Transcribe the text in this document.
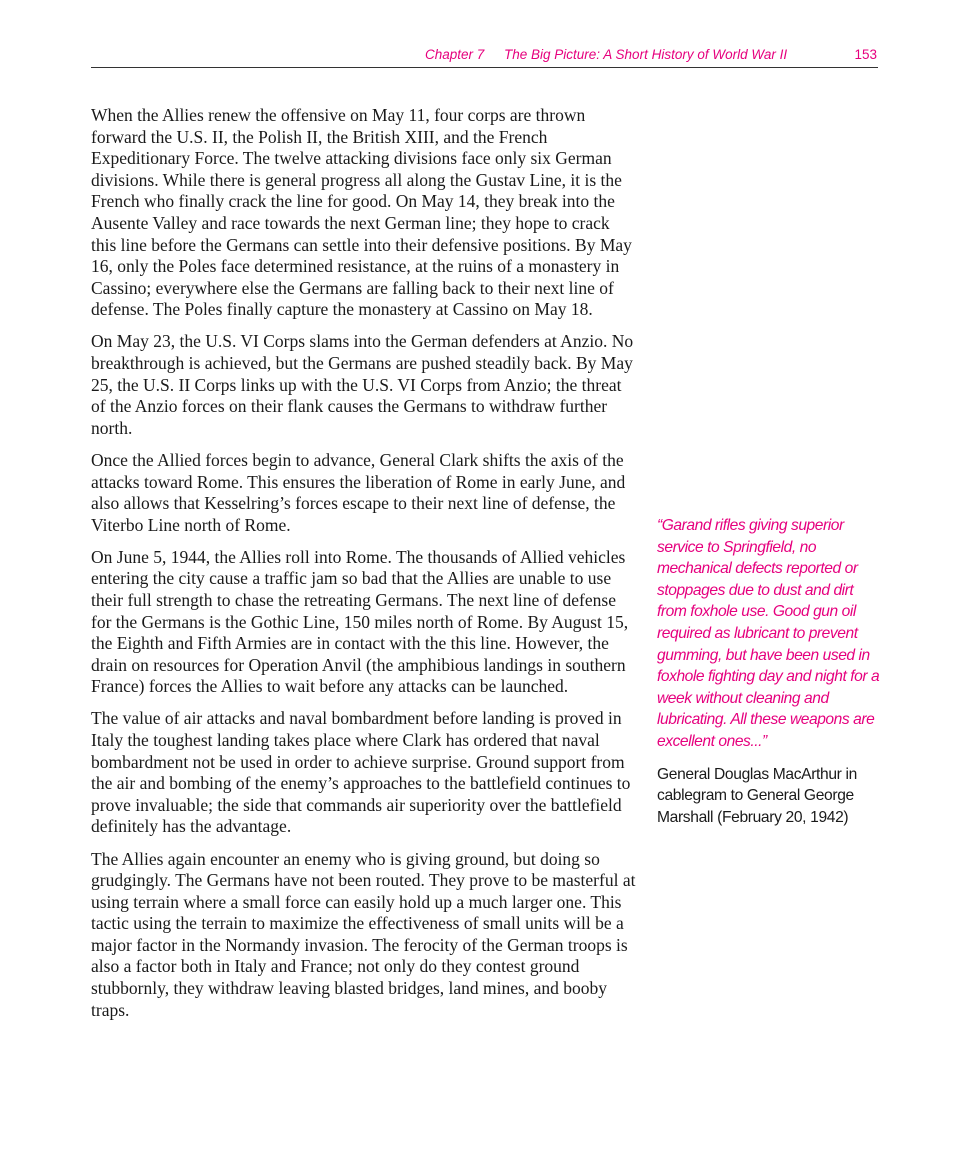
Chapter 7 The Big Picture: A Short History of World War II	153

When the Allies renew the offensive on May 11, four corps are thrown forward the U.S. II, the Polish II, the British XIII, and the French Expeditionary Force. The twelve attacking divisions face only six German divisions. While there is general progress all along the Gustav Line, it is the French who finally crack the line for good. On May 14, they break into the Ausente Valley and race towards the next German line; they hope to crack this line before the Germans can settle into their defensive positions. By May 16, only the Poles face determined resistance, at the ruins of a monastery in Cassino; everywhere else the Germans are falling back to their next line of defense. The Poles finally capture the monastery at Cassino on May 18.

On May 23, the U.S. VI Corps slams into the German defenders at Anzio. No breakthrough is achieved, but the Germans are pushed steadily back. By May 25, the U.S. II Corps links up with the U.S. VI Corps from Anzio; the threat of the Anzio forces on their flank causes the Germans to withdraw further north.

Once the Allied forces begin to advance, General Clark shifts the axis of the attacks toward Rome. This ensures the liberation of Rome in early June, and also allows that Kesselring’s forces escape to their next line of defense, the Viterbo Line north of Rome.

On June 5, 1944, the Allies roll into Rome. The thousands of Allied vehicles entering the city cause a traffic jam so bad that the Allies are unable to use their full strength to chase the retreating Germans. The next line of defense for the Germans is the Gothic Line, 150 miles north of Rome. By August 15, the Eighth and Fifth Armies are in contact with the this line. However, the drain on resources for Operation Anvil (the amphibious landings in southern France) forces the Allies to wait before any attacks can be launched.

The value of air attacks and naval bombardment before landing is proved in Italy the toughest landing takes place where Clark has ordered that naval bombardment not be used in order to achieve surprise. Ground support from the air and bombing of the enemy’s approaches to the battlefield continues to prove invaluable; the side that commands air superiority over the battlefield definitely has the advantage.

The Allies again encounter an enemy who is giving ground, but doing so grudgingly. The Germans have not been routed. They prove to be masterful at using terrain where a small force can easily hold up a much larger one. This tactic using the terrain to maximize the effectiveness of small units will be a major factor in the Normandy invasion. The ferocity of the German troops is also a factor both in Italy and France; not only do they contest ground stubbornly, they withdraw leaving blasted bridges, land mines, and booby traps.

“Garand rifles giving superior service to Springfield, no mechanical defects reported or stoppages due to dust and dirt from foxhole use. Good gun oil required as lubricant to prevent gumming, but have been used in foxhole fighting day and night for a week without cleaning and lubricating. All these weapons are excellent ones...”

General Douglas MacArthur in cablegram to General George Marshall (February 20, 1942)
